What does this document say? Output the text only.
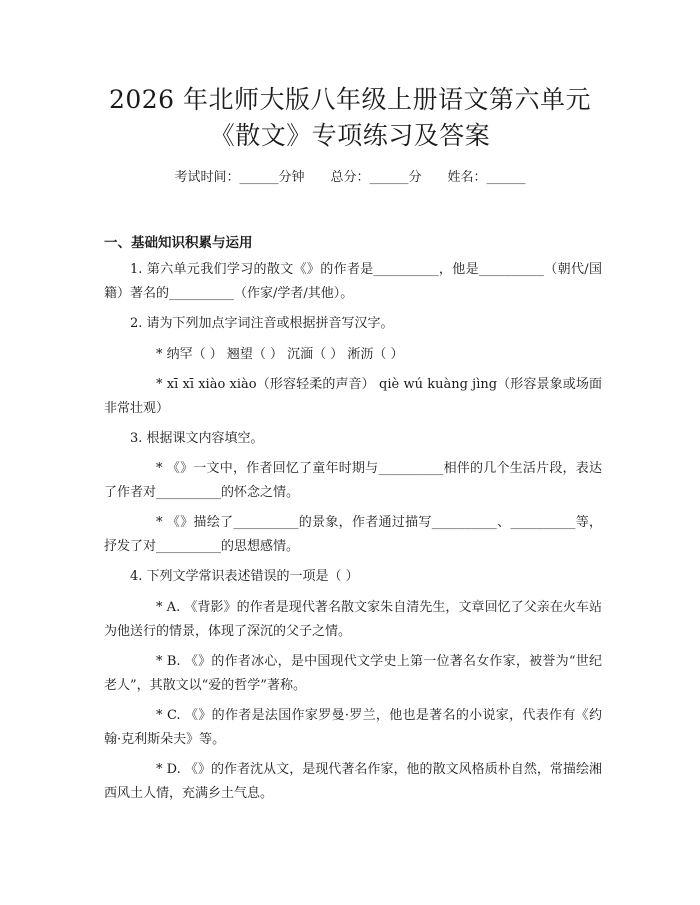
2026 年北师大版八年级上册语文第六单元
《散文》专项练习及答案
考试时间：______分钟 总分：______分 姓名：______
一、基础知识积累与运用
1. 第六单元我们学习的散文《》的作者是__________，他是__________（朝代/国籍）著名的__________（作家/学者/其他）。
2. 请为下列加点字词注音或根据拼音写汉字。
* 纳罕（ ） 翘望（ ） 沉湎（ ） 淅沥（ ）
* xī xī xiào xiào（形容轻柔的声音） qiè wú kuàng jìng（形容景象或场面非常壮观）
3. 根据课文内容填空。
* 《》一文中，作者回忆了童年时期与__________相伴的几个生活片段，表达了作者对__________的怀念之情。
* 《》描绘了__________的景象，作者通过描写__________、__________等，抒发了对__________的思想感情。
4. 下列文学常识表述错误的一项是（ ）
* A. 《背影》的作者是现代著名散文家朱自清先生，文章回忆了父亲在火车站为他送行的情景，体现了深沉的父子之情。
* B. 《》的作者冰心，是中国现代文学史上第一位著名女作家，被誉为“世纪老人”，其散文以“爱的哲学”著称。
* C. 《》的作者是法国作家罗曼·罗兰，他也是著名的小说家，代表作有《约翰·克利斯朵夫》等。
* D. 《》的作者沈从文，是现代著名作家，他的散文风格质朴自然，常描绘湘西风土人情，充满乡土气息。
